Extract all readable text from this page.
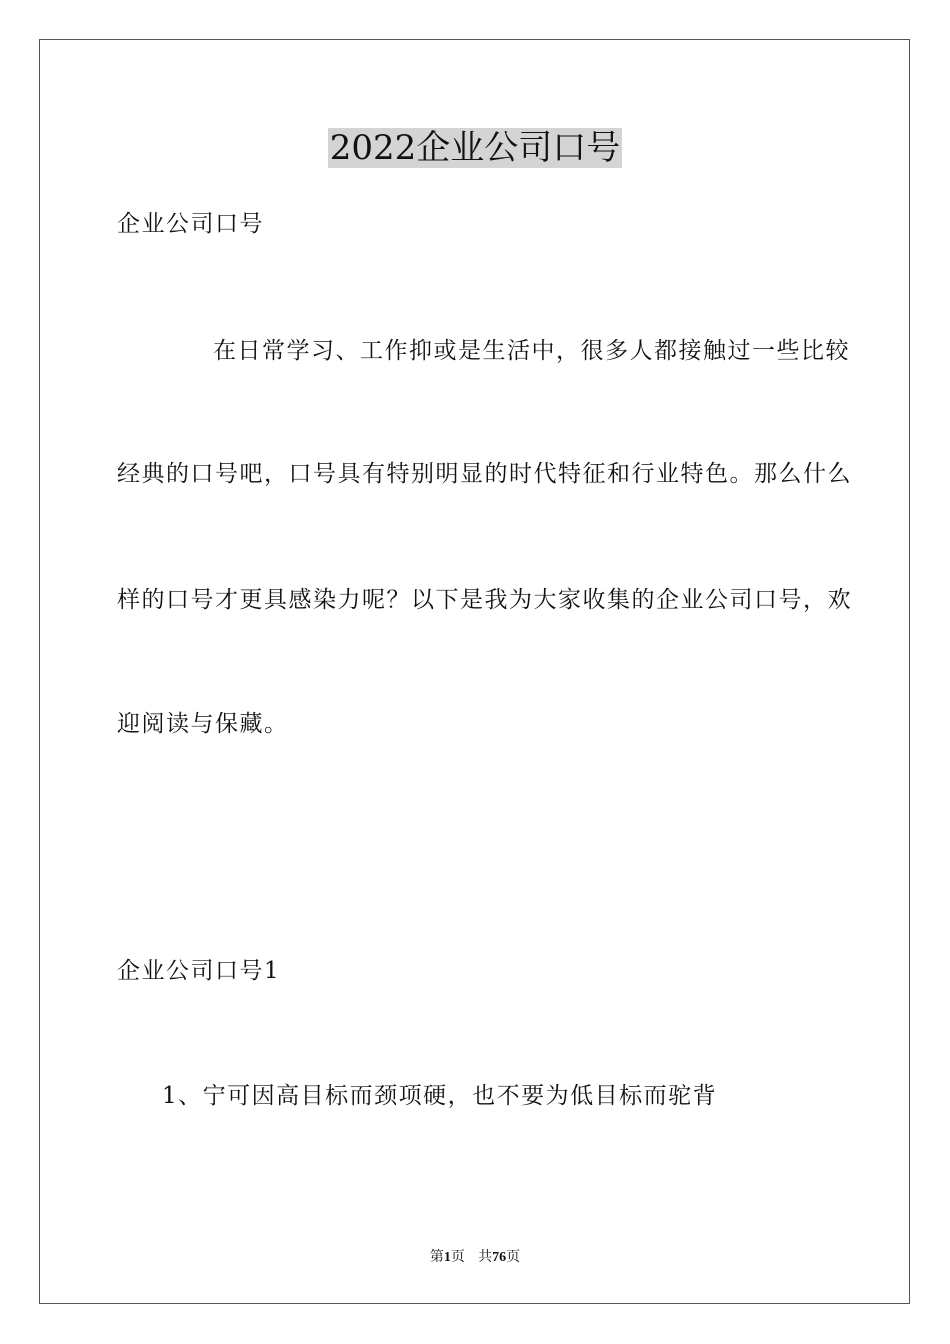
2022企业公司口号
企业公司口号
在日常学习、工作抑或是生活中，很多人都接触过一些比较
经典的口号吧，口号具有特别明显的时代特征和行业特色。那么什么
样的口号才更具感染力呢？以下是我为大家收集的企业公司口号，欢
迎阅读与保藏。
企业公司口号1
1、宁可因高目标而颈项硬，也不要为低目标而驼背
第1页 共76页
